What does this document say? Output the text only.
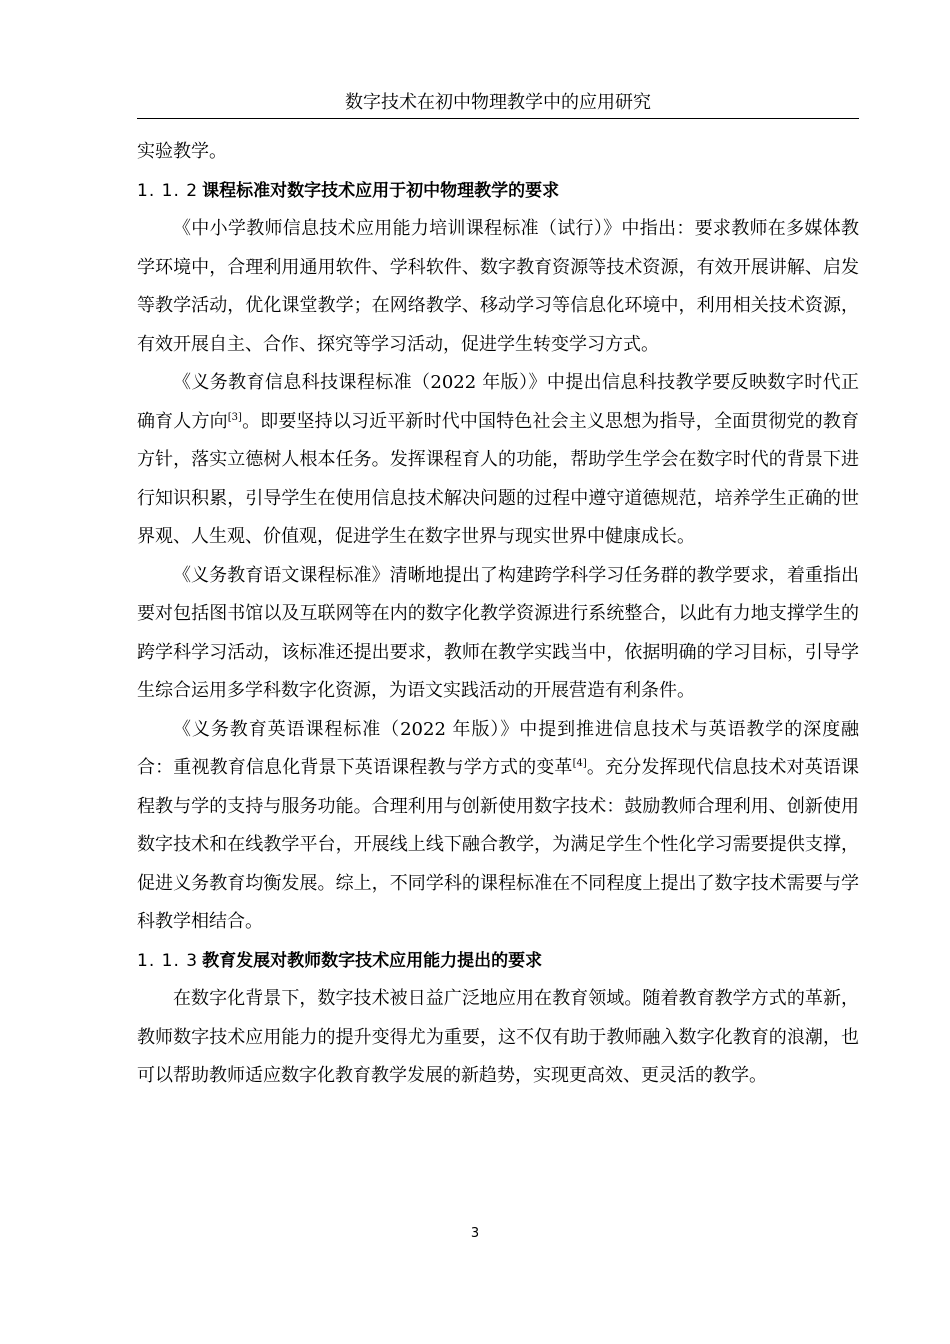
数字技术在初中物理教学中的应用研究

实验教学。

1. 1. 2 课程标准对数字技术应用于初中物理教学的要求

《中小学教师信息技术应用能力培训课程标准（试行）》中指出：要求教师在多媒体教学环境中，合理利用通用软件、学科软件、数字教育资源等技术资源，有效开展讲解、启发等教学活动，优化课堂教学；在网络教学、移动学习等信息化环境中，利用相关技术资源，有效开展自主、合作、探究等学习活动，促进学生转变学习方式。

《义务教育信息科技课程标准（2022 年版）》中提出信息科技教学要反映数字时代正确育人方向[3]。即要坚持以习近平新时代中国特色社会主义思想为指导，全面贯彻党的教育方针，落实立德树人根本任务。发挥课程育人的功能，帮助学生学会在数字时代的背景下进行知识积累，引导学生在使用信息技术解决问题的过程中遵守道德规范，培养学生正确的世界观、人生观、价值观，促进学生在数字世界与现实世界中健康成长。

《义务教育语文课程标准》清晰地提出了构建跨学科学习任务群的教学要求，着重指出要对包括图书馆以及互联网等在内的数字化教学资源进行系统整合，以此有力地支撑学生的跨学科学习活动，该标准还提出要求，教师在教学实践当中，依据明确的学习目标，引导学生综合运用多学科数字化资源，为语文实践活动的开展营造有利条件。

《义务教育英语课程标准（2022 年版）》中提到推进信息技术与英语教学的深度融合：重视教育信息化背景下英语课程教与学方式的变革[4]。充分发挥现代信息技术对英语课程教与学的支持与服务功能。合理利用与创新使用数字技术：鼓励教师合理利用、创新使用数字技术和在线教学平台，开展线上线下融合教学，为满足学生个性化学习需要提供支撑，促进义务教育均衡发展。综上，不同学科的课程标准在不同程度上提出了数字技术需要与学科教学相结合。

1. 1. 3 教育发展对教师数字技术应用能力提出的要求

在数字化背景下，数字技术被日益广泛地应用在教育领域。随着教育教学方式的革新，教师数字技术应用能力的提升变得尤为重要，这不仅有助于教师融入数字化教育的浪潮，也可以帮助教师适应数字化教育教学发展的新趋势，实现更高效、更灵活的教学。

3
